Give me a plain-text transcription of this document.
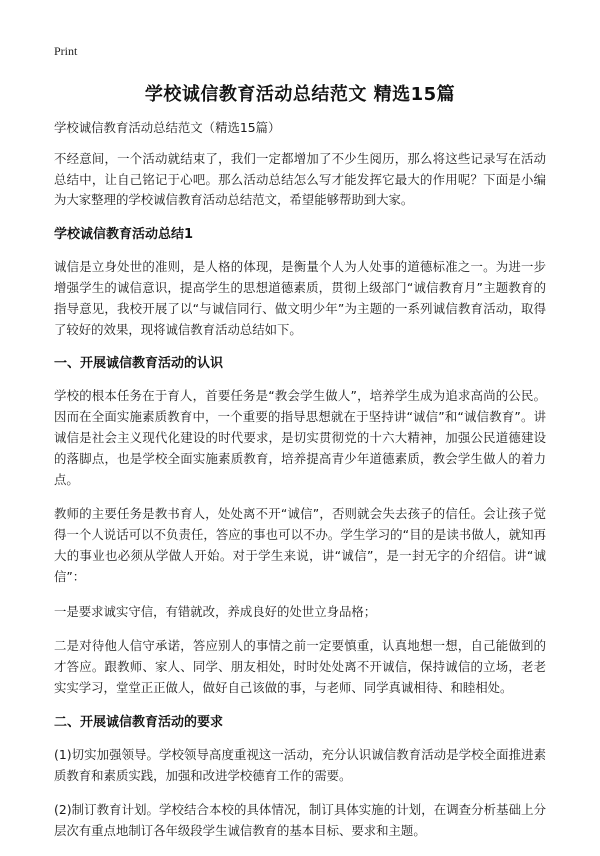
Print
学校诚信教育活动总结范文 精选15篇

学校诚信教育活动总结范文（精选15篇）

不经意间，一个活动就结束了，我们一定都增加了不少生阅历，那么将这些记录写在活动总结中，让自己铭记于心吧。那么活动总结怎么写才能发挥它最大的作用呢？下面是小编为大家整理的学校诚信教育活动总结范文，希望能够帮助到大家。

学校诚信教育活动总结1

诚信是立身处世的准则，是人格的体现，是衡量个人为人处事的道德标准之一。为进一步增强学生的诚信意识，提高学生的思想道德素质，贯彻上级部门“诚信教育月”主题教育的指导意见，我校开展了以“与诚信同行、做文明少年”为主题的一系列诚信教育活动，取得了较好的效果，现将诚信教育活动总结如下。

一、开展诚信教育活动的认识

学校的根本任务在于育人，首要任务是“教会学生做人”，培养学生成为追求高尚的公民。因而在全面实施素质教育中，一个重要的指导思想就在于坚持讲“诚信”和“诚信教育”。讲诚信是社会主义现代化建设的时代要求，是切实贯彻党的十六大精神，加强公民道德建设的落脚点，也是学校全面实施素质教育，培养提高青少年道德素质，教会学生做人的着力点。

教师的主要任务是教书育人，处处离不开“诚信”，否则就会失去孩子的信任。会让孩子觉得一个人说话可以不负责任，答应的事也可以不办。学生学习的“目的是读书做人，就知再大的事业也必须从学做人开始。对于学生来说，讲“诚信”，是一封无字的介绍信。讲“诚信”：

一是要求诚实守信，有错就改，养成良好的处世立身品格；

二是对待他人信守承诺，答应别人的事情之前一定要慎重，认真地想一想，自己能做到的才答应。跟教师、家人、同学、朋友相处，时时处处离不开诚信，保持诚信的立场，老老实实学习，堂堂正正做人，做好自己该做的事，与老师、同学真诚相待、和睦相处。

二、开展诚信教育活动的要求

(1)切实加强领导。学校领导高度重视这一活动，充分认识诚信教育活动是学校全面推进素质教育和素质实践，加强和改进学校德育工作的需要。

(2)制订教育计划。学校结合本校的具体情况，制订具体实施的计划，在调查分析基础上分层次有重点地制订各年级段学生诚信教育的基本目标、要求和主题。
